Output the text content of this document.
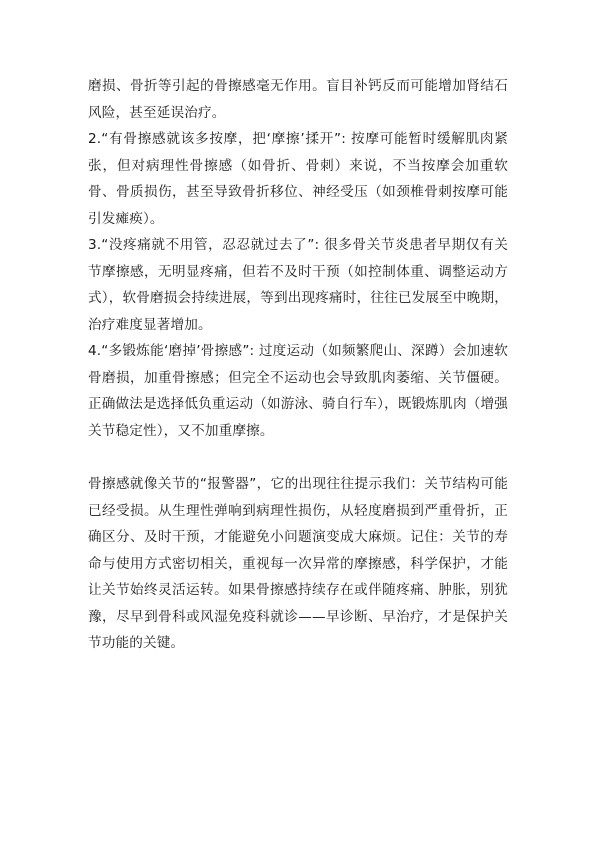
磨损、骨折等引起的骨擦感毫无作用。盲目补钙反而可能增加肾结石风险，甚至延误治疗。

2.“有骨擦感就该多按摩，把‘摩擦’揉开”: 按摩可能暂时缓解肌肉紧张，但对病理性骨擦感（如骨折、骨刺）来说，不当按摩会加重软骨、骨质损伤，甚至导致骨折移位、神经受压（如颈椎骨刺按摩可能引发瘫痪）。

3.“没疼痛就不用管，忍忍就过去了”: 很多骨关节炎患者早期仅有关节摩擦感，无明显疼痛，但若不及时干预（如控制体重、调整运动方式），软骨磨损会持续进展，等到出现疼痛时，往往已发展至中晚期，治疗难度显著增加。

4.“多锻炼能‘磨掉’骨擦感”: 过度运动（如频繁爬山、深蹲）会加速软骨磨损，加重骨擦感；但完全不运动也会导致肌肉萎缩、关节僵硬。正确做法是选择低负重运动（如游泳、骑自行车），既锻炼肌肉（增强关节稳定性），又不加重摩擦。

骨擦感就像关节的“报警器”，它的出现往往提示我们：关节结构可能已经受损。从生理性弹响到病理性损伤，从轻度磨损到严重骨折，正确区分、及时干预，才能避免小问题演变成大麻烦。记住：关节的寿命与使用方式密切相关，重视每一次异常的摩擦感，科学保护，才能让关节始终灵活运转。如果骨擦感持续存在或伴随疼痛、肿胀，别犹豫，尽早到骨科或风湿免疫科就诊——早诊断、早治疗，才是保护关节功能的关键。
